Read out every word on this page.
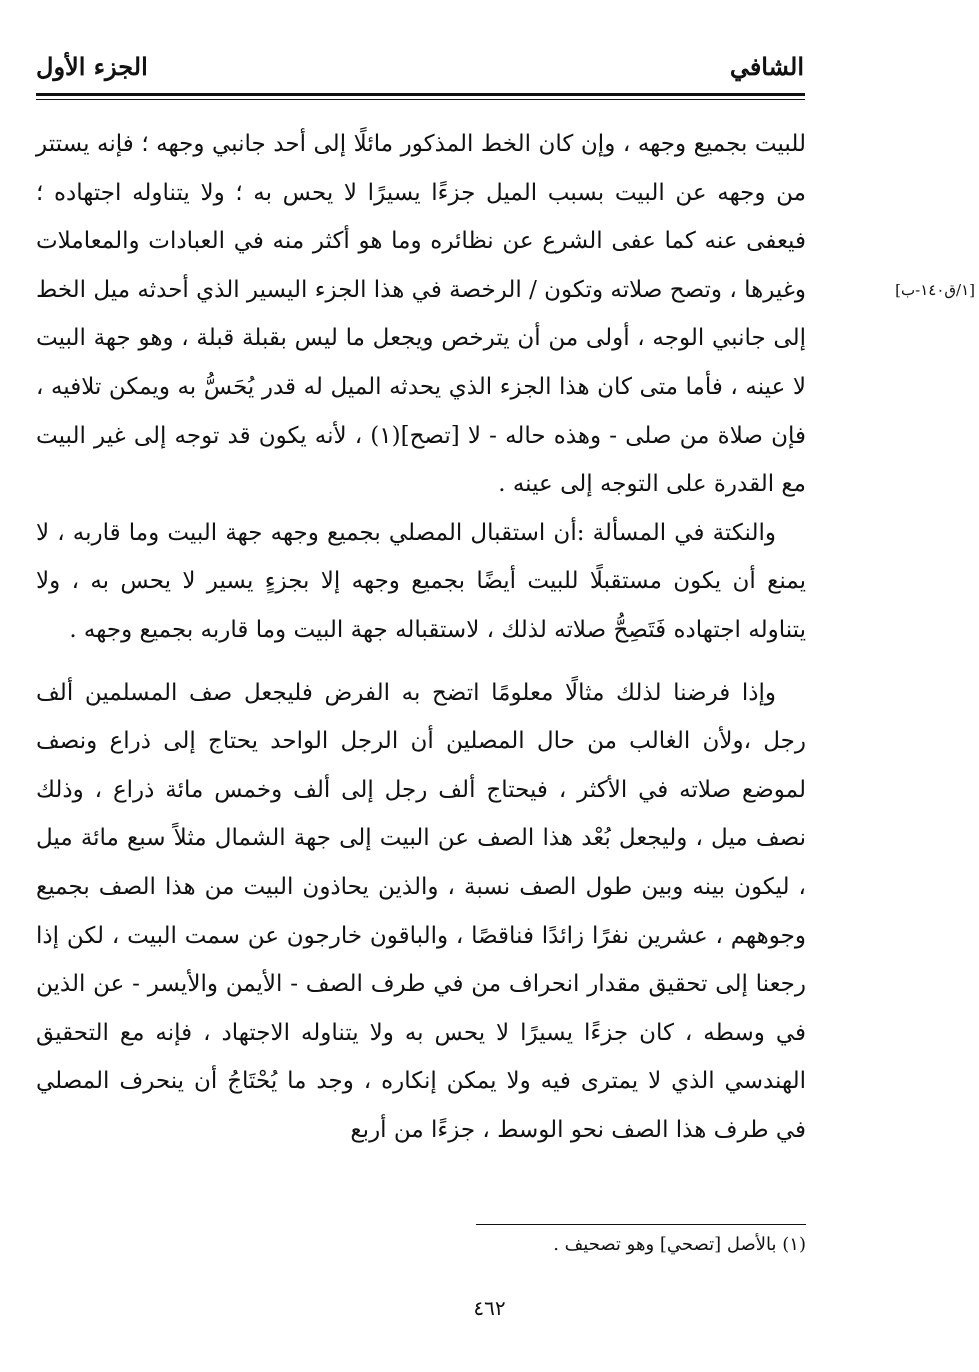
الشافي
الجزء الأول
[١/ق١٤٠-ب]

للبيت بجميع وجهه ، وإن كان الخط المذكور مائلًا إلى أحد جانبي وجهه ؛ فإنه يستتر من وجهه عن البيت بسبب الميل جزءًا يسيرًا لا يحس به ؛ ولا يتناوله اجتهاده ؛ فيعفى عنه كما عفى الشرع عن نظائره وما هو أكثر منه في العبادات والمعاملات وغيرها ، وتصح صلاته وتكون / الرخصة في هذا الجزء اليسير الذي أحدثه ميل الخط إلى جانبي الوجه ، أولى من أن يترخص ويجعل ما ليس بقبلة قبلة ، وهو جهة البيت لا عينه ، فأما متى كان هذا الجزء الذي يحدثه الميل له قدر يُحَسُّ به ويمكن تلافيه ، فإن صلاة من صلى - وهذه حاله - لا [تصح](١) ، لأنه يكون قد توجه إلى غير البيت مع القدرة على التوجه إلى عينه .

والنكتة في المسألة :أن استقبال المصلي بجميع وجهه جهة البيت وما قاربه ، لا يمنع أن يكون مستقبلًا للبيت أيضًا بجميع وجهه إلا بجزءٍ يسير لا يحس به ، ولا يتناوله اجتهاده فَتَصِحُّ صلاته لذلك ، لاستقباله جهة البيت وما قاربه بجميع وجهه .

وإذا فرضنا لذلك مثالًا معلومًا اتضح به الفرض فليجعل صف المسلمين ألف رجل ،ولأن الغالب من حال المصلين أن الرجل الواحد يحتاج إلى ذراع ونصف لموضع صلاته في الأكثر ، فيحتاج ألف رجل إلى ألف وخمس مائة ذراع ، وذلك نصف ميل ، وليجعل بُعْد هذا الصف عن البيت إلى جهة الشمال مثلاً سبع مائة ميل ، ليكون بينه وبين طول الصف نسبة ، والذين يحاذون البيت من هذا الصف بجميع وجوههم ، عشرين نفرًا زائدًا فناقصًا ، والباقون خارجون عن سمت البيت ، لكن إذا رجعنا إلى تحقيق مقدار انحراف من في طرف الصف - الأيمن والأيسر - عن الذين في وسطه ، كان جزءًا يسيرًا لا يحس به ولا يتناوله الاجتهاد ، فإنه مع التحقيق الهندسي الذي لا يمترى فيه ولا يمكن إنكاره ، وجد ما يُحْتَاجُ أن ينحرف المصلي في طرف هذا الصف نحو الوسط ، جزءًا من أربع

(١) بالأصل [تصحي] وهو تصحيف .
٤٦٢
